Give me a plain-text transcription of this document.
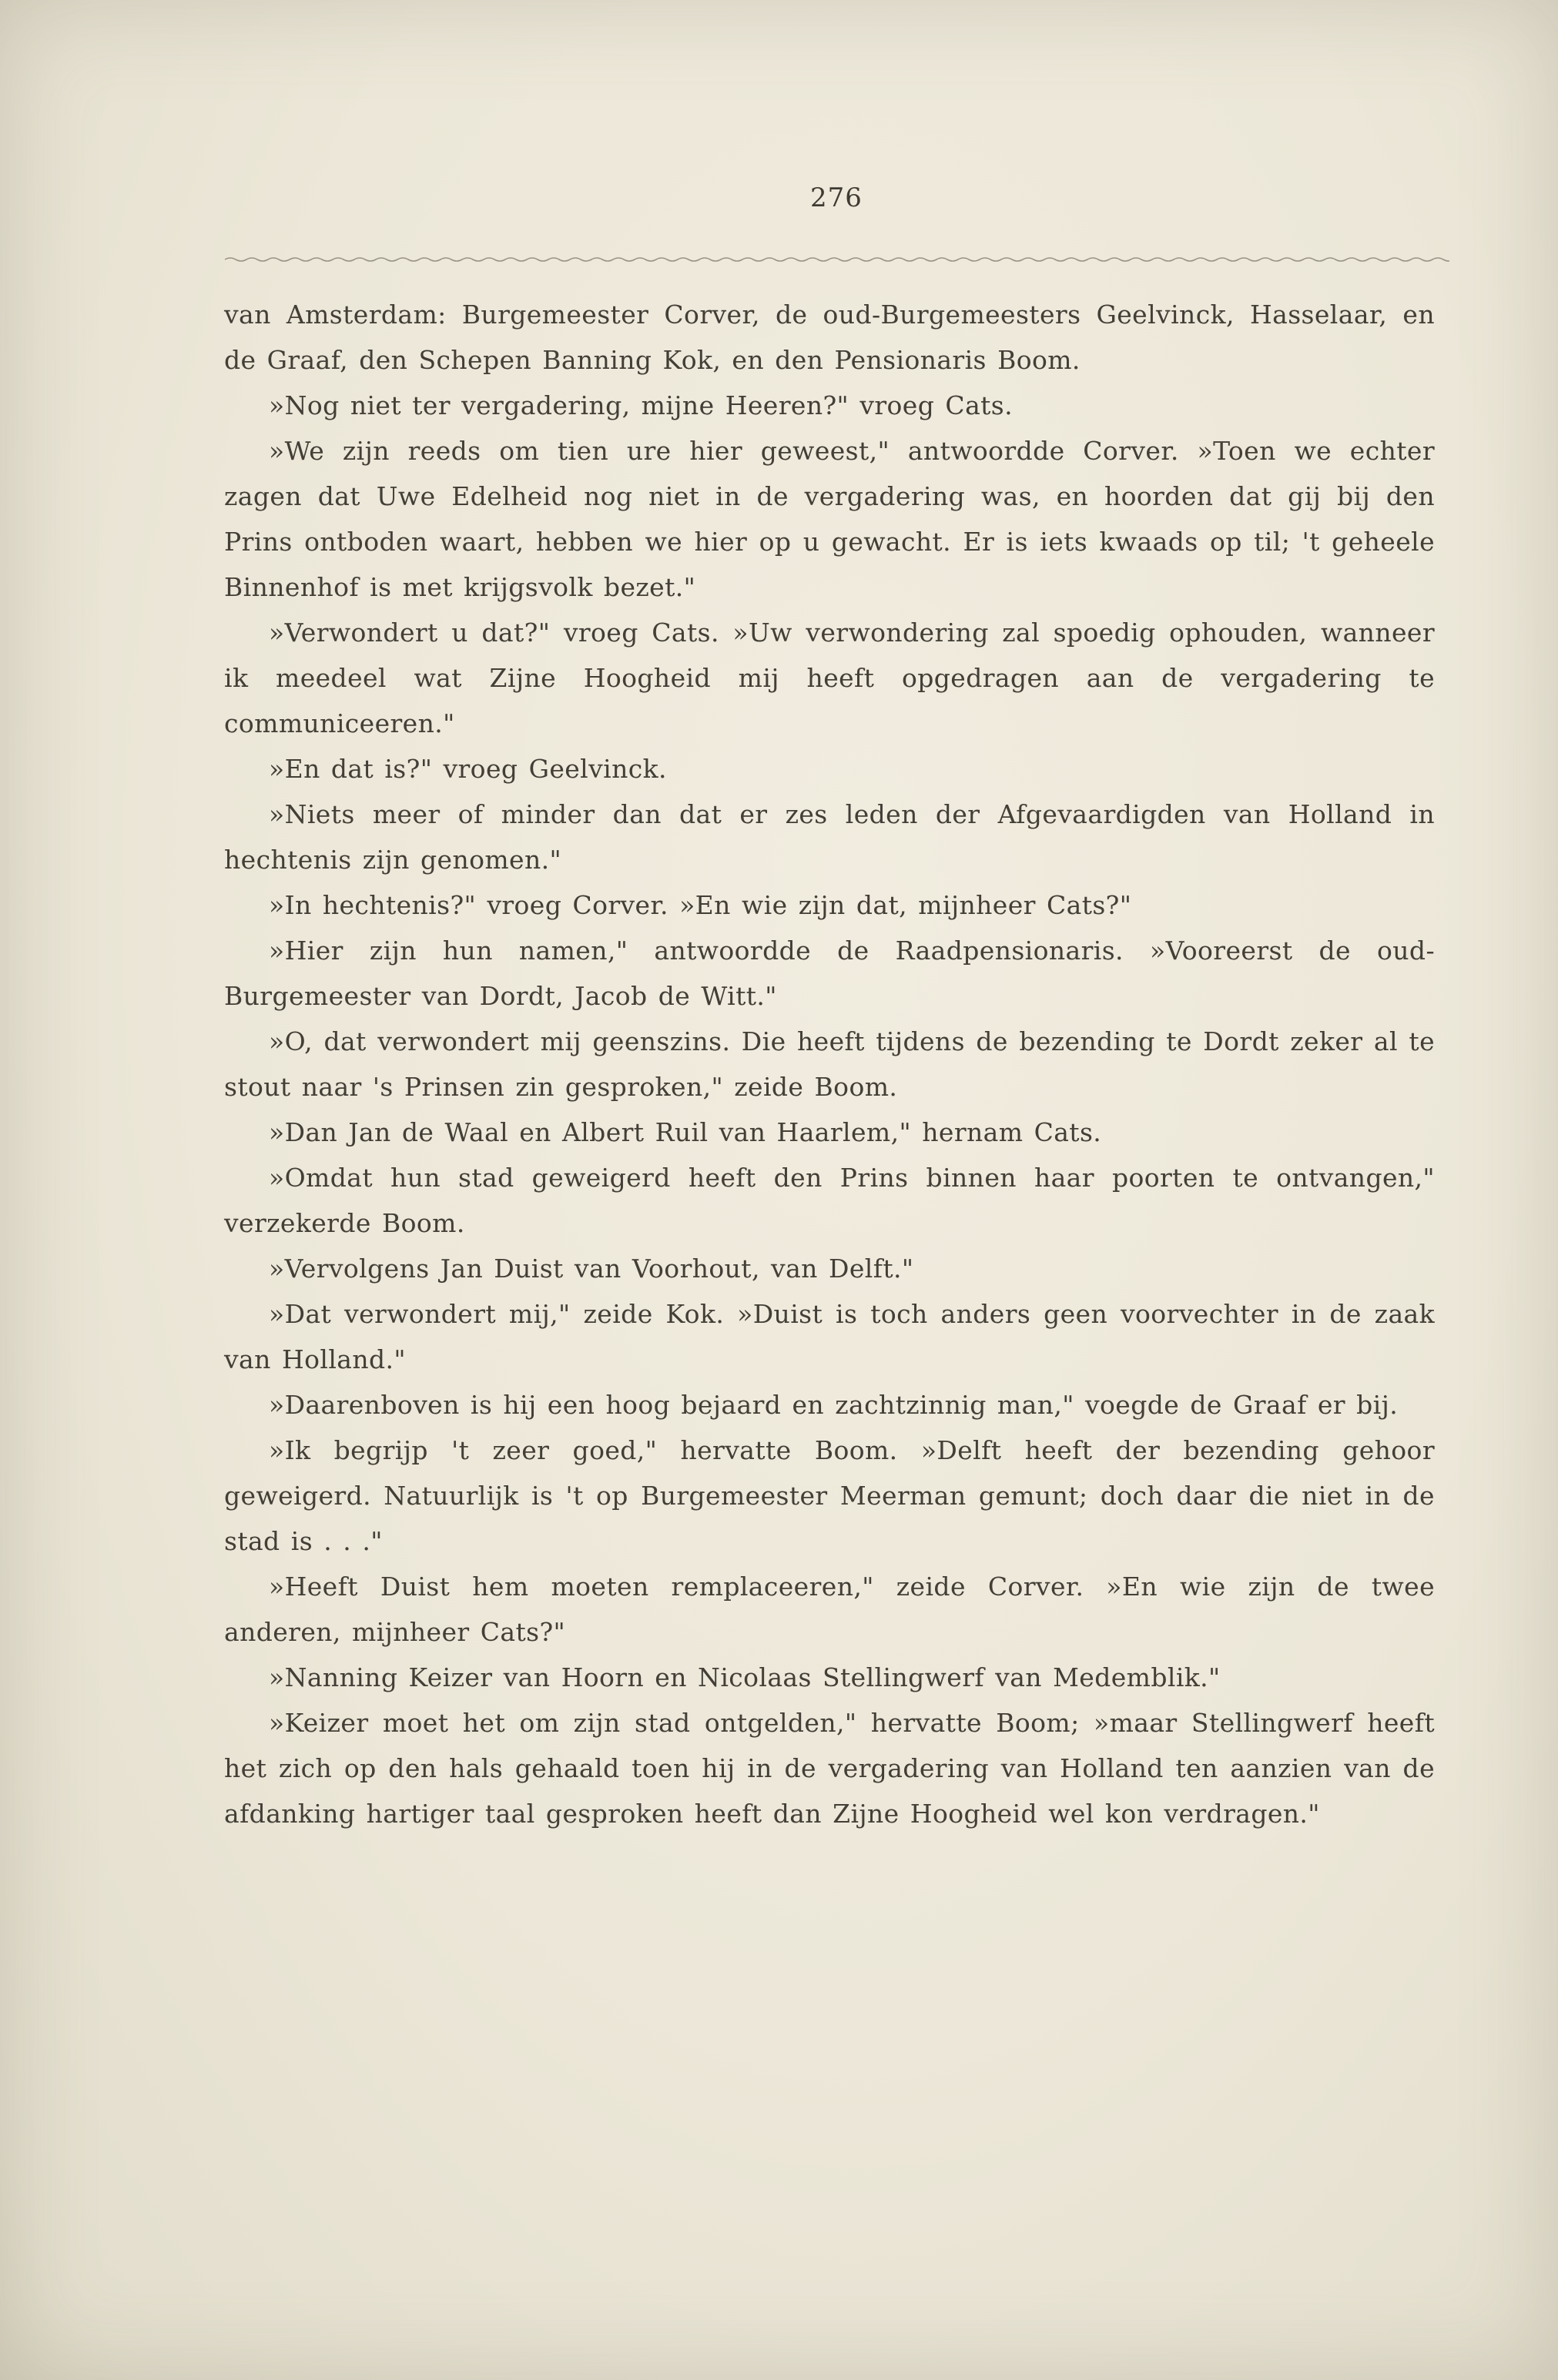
276

van Amsterdam: Burgemeester Corver, de oud-Burgemeesters Geelvinck, Hasselaar, en de Graaf, den Schepen Banning Kok, en den Pensionaris Boom.

»Nog niet ter vergadering, mijne Heeren?" vroeg Cats.

»We zijn reeds om tien ure hier geweest," antwoordde Corver. »Toen we echter zagen dat Uwe Edelheid nog niet in de vergadering was, en hoorden dat gij bij den Prins ontboden waart, hebben we hier op u gewacht. Er is iets kwaads op til; 't geheele Binnenhof is met krijgsvolk bezet."

»Verwondert u dat?" vroeg Cats. »Uw verwondering zal spoedig ophouden, wanneer ik meedeel wat Zijne Hoogheid mij heeft opgedragen aan de vergadering te communiceeren."

»En dat is?" vroeg Geelvinck.

»Niets meer of minder dan dat er zes leden der Afgevaardigden van Holland in hechtenis zijn genomen."

»In hechtenis?" vroeg Corver. »En wie zijn dat, mijnheer Cats?"

»Hier zijn hun namen," antwoordde de Raadpensionaris. »Vooreerst de oud-Burgemeester van Dordt, Jacob de Witt."

»O, dat verwondert mij geenszins. Die heeft tijdens de bezending te Dordt zeker al te stout naar 's Prinsen zin gesproken," zeide Boom.

»Dan Jan de Waal en Albert Ruil van Haarlem," hernam Cats.

»Omdat hun stad geweigerd heeft den Prins binnen haar poorten te ontvangen," verzekerde Boom.

»Vervolgens Jan Duist van Voorhout, van Delft."

»Dat verwondert mij," zeide Kok. »Duist is toch anders geen voorvechter in de zaak van Holland."

»Daarenboven is hij een hoog bejaard en zachtzinnig man," voegde de Graaf er bij.

»Ik begrijp 't zeer goed," hervatte Boom. »Delft heeft der bezending gehoor geweigerd. Natuurlijk is 't op Burgemeester Meerman gemunt; doch daar die niet in de stad is . . ."

»Heeft Duist hem moeten remplaceeren," zeide Corver. »En wie zijn de twee anderen, mijnheer Cats?"

»Nanning Keizer van Hoorn en Nicolaas Stellingwerf van Medemblik."

»Keizer moet het om zijn stad ontgelden," hervatte Boom; »maar Stellingwerf heeft het zich op den hals gehaald toen hij in de vergadering van Holland ten aanzien van de afdanking hartiger taal gesproken heeft dan Zijne Hoogheid wel kon verdragen."
